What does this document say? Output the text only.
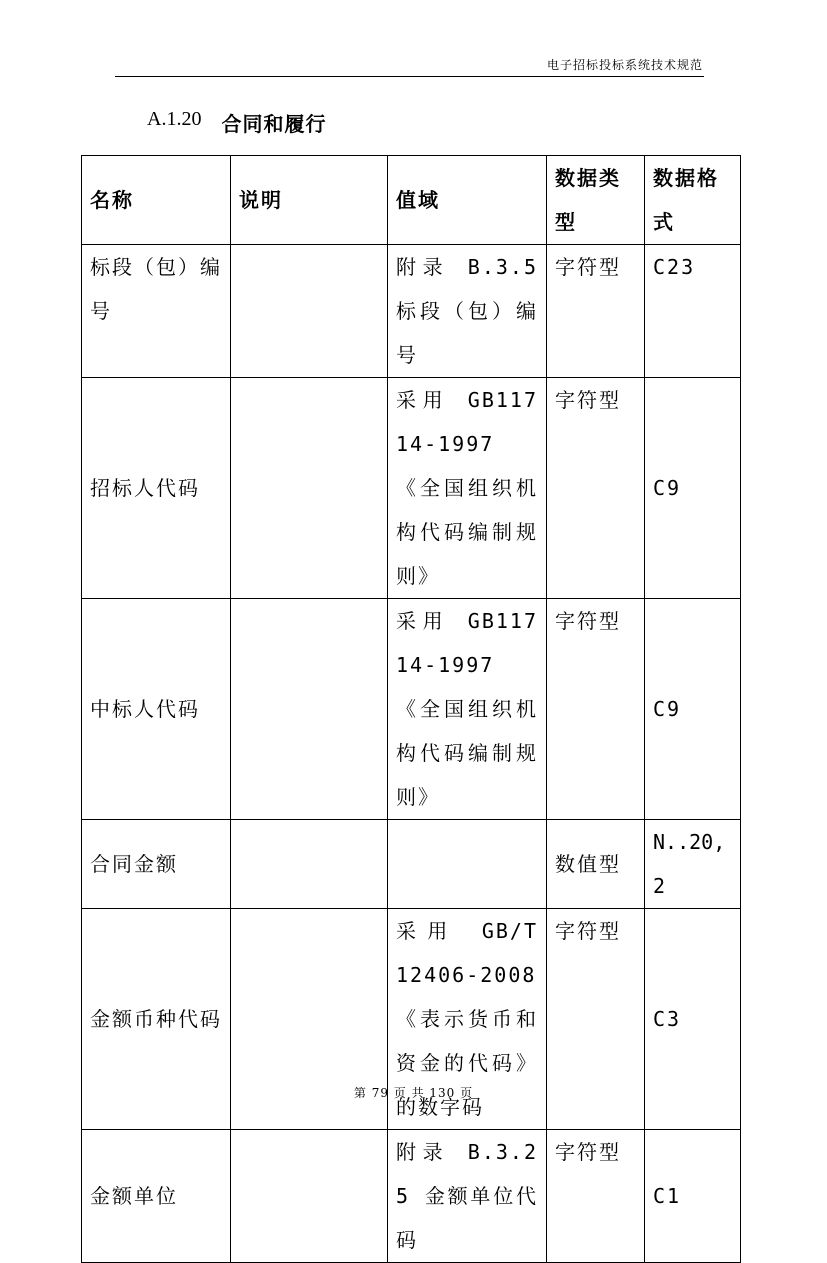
电子招标投标系统技术规范
A.1.20 合同和履行
名称	说明	值域	数据类型	数据格式
标段（包）编号		附录 B.3.5 标段（包）编号	字符型	C23
招标人代码		采用 GB11714-1997《全国组织机构代码编制规则》	字符型	C9
中标人代码		采用 GB11714-1997《全国组织机构代码编制规则》	字符型	C9
合同金额			数值型	N..20,2
金额币种代码		采用 GB/T 12406-2008《表示货币和资金的代码》的数字码	字符型	C3
金额单位		附录 B.3.25 金额单位代码	字符型	C1
第 79 页 共 130 页
